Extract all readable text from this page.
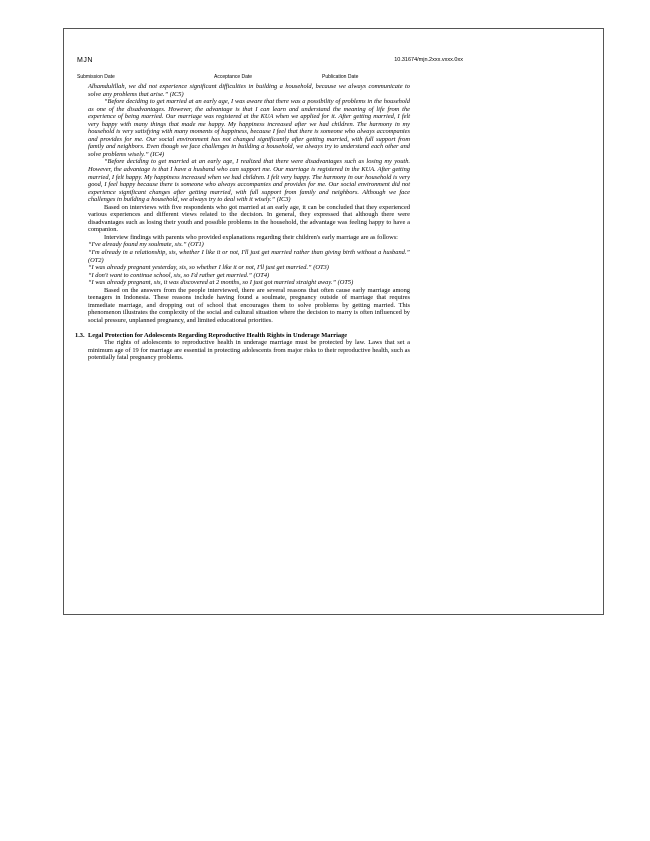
MJN	10.31674/mjn.2xxx.vxxx.0xx
Submission Date	Acceptance Date	Publication Date

Alhamdulillah, we did not experience significant difficulties in building a household, because we always communicate to solve any problems that arise.” (IC5)

“Before deciding to get married at an early age, I was aware that there was a possibility of problems in the household as one of the disadvantages. However, the advantage is that I can learn and understand the meaning of life from the experience of being married. Our marriage was registered at the KUA when we applied for it. After getting married, I felt very happy with many things that made me happy. My happiness increased after we had children. The harmony in my household is very satisfying with many moments of happiness, because I feel that there is someone who always accompanies and provides for me. Our social environment has not changed significantly after getting married, with full support from family and neighbors. Even though we face challenges in building a household, we always try to understand each other and solve problems wisely.” (IC4)

“Before deciding to get married at an early age, I realized that there were disadvantages such as losing my youth. However, the advantage is that I have a husband who can support me. Our marriage is registered in the KUA. After getting married, I felt happy. My happiness increased when we had children. I felt very happy. The harmony in our household is very good, I feel happy because there is someone who always accompanies and provides for me. Our social environment did not experience significant changes after getting married, with full support from family and neighbors. Although we face challenges in building a household, we always try to deal with it wisely.” (IC3)

Based on interviews with five respondents who got married at an early age, it can be concluded that they experienced various experiences and different views related to the decision. In general, they expressed that although there were disadvantages such as losing their youth and possible problems in the household, the advantage was feeling happy to have a companion.

Interview findings with parents who provided explanations regarding their children's early marriage are as follows:

“I've already found my soulmate, sis.” (OT1)

“I'm already in a relationship, sis, whether I like it or not, I'll just get married rather than giving birth without a husband.” (OT2)

“I was already pregnant yesterday, sis, so whether I like it or not, I'll just get married.” (OT3)

“I don't want to continue school, sis, so I'd rather get married.” (OT4)

“I was already pregnant, sis, it was discovered at 2 months, so I just got married straight away.” (OT5)

Based on the answers from the people interviewed, there are several reasons that often cause early marriage among teenagers in Indonesia. These reasons include having found a soulmate, pregnancy outside of marriage that requires immediate marriage, and dropping out of school that encourages them to solve problems by getting married. This phenomenon illustrates the complexity of the social and cultural situation where the decision to marry is often influenced by social pressure, unplanned pregnancy, and limited educational priorities.

1.3. Legal Protection for Adolescents Regarding Reproductive Health Rights in Underage Marriage

The rights of adolescents to reproductive health in underage marriage must be protected by law. Laws that set a minimum age of 19 for marriage are essential in protecting adolescents from major risks to their reproductive health, such as potentially fatal pregnancy problems.
